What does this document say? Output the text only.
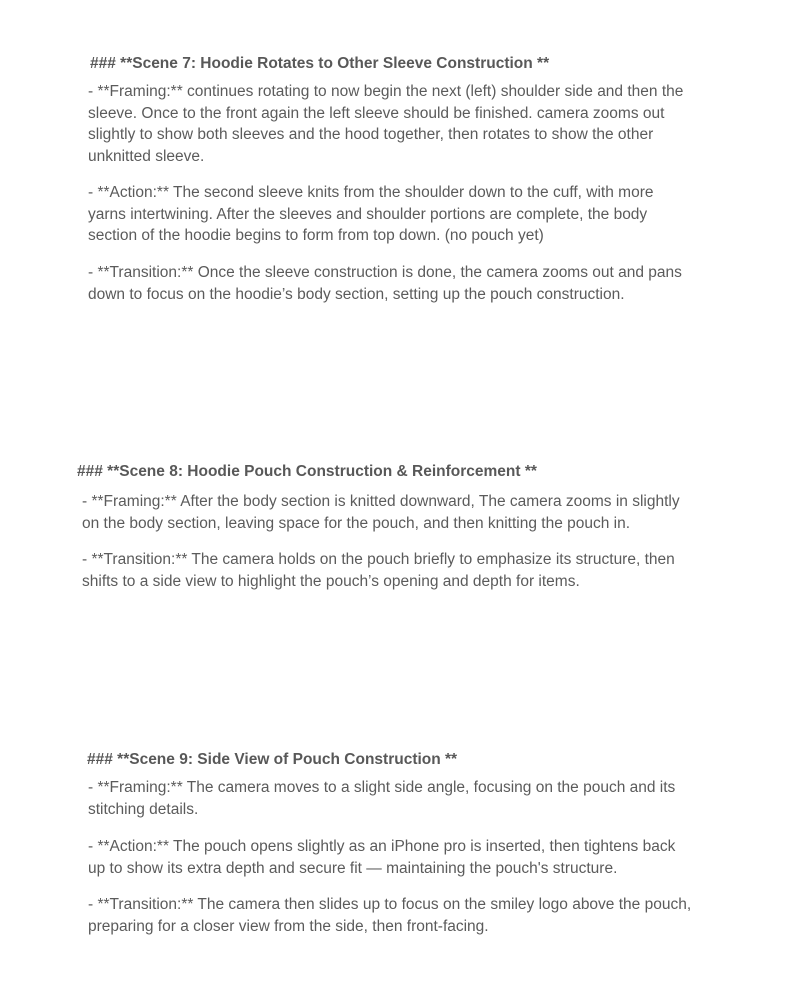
### **Scene 7: Hoodie Rotates to Other Sleeve Construction **

- **Framing:** continues rotating to now begin the next (left) shoulder side and then the
sleeve. Once to the front again the left sleeve should be finished. camera zooms out
slightly to show both sleeves and the hood together, then rotates to show the other
unknitted sleeve.

- **Action:** The second sleeve knits from the shoulder down to the cuff, with more
yarns intertwining. After the sleeves and shoulder portions are complete, the body
section of the hoodie begins to form from top down. (no pouch yet)

- **Transition:** Once the sleeve construction is done, the camera zooms out and pans
down to focus on the hoodie’s body section, setting up the pouch construction.

### **Scene 8: Hoodie Pouch Construction & Reinforcement **

- **Framing:** After the body section is knitted downward, The camera zooms in slightly
on the body section, leaving space for the pouch, and then knitting the pouch in.

- **Transition:** The camera holds on the pouch briefly to emphasize its structure, then
shifts to a side view to highlight the pouch’s opening and depth for items.

### **Scene 9: Side View of Pouch Construction **

- **Framing:** The camera moves to a slight side angle, focusing on the pouch and its
stitching details.

- **Action:** The pouch opens slightly as an iPhone pro is inserted, then tightens back
up to show its extra depth and secure fit — maintaining the pouch's structure.

- **Transition:** The camera then slides up to focus on the smiley logo above the pouch,
preparing for a closer view from the side, then front-facing.
